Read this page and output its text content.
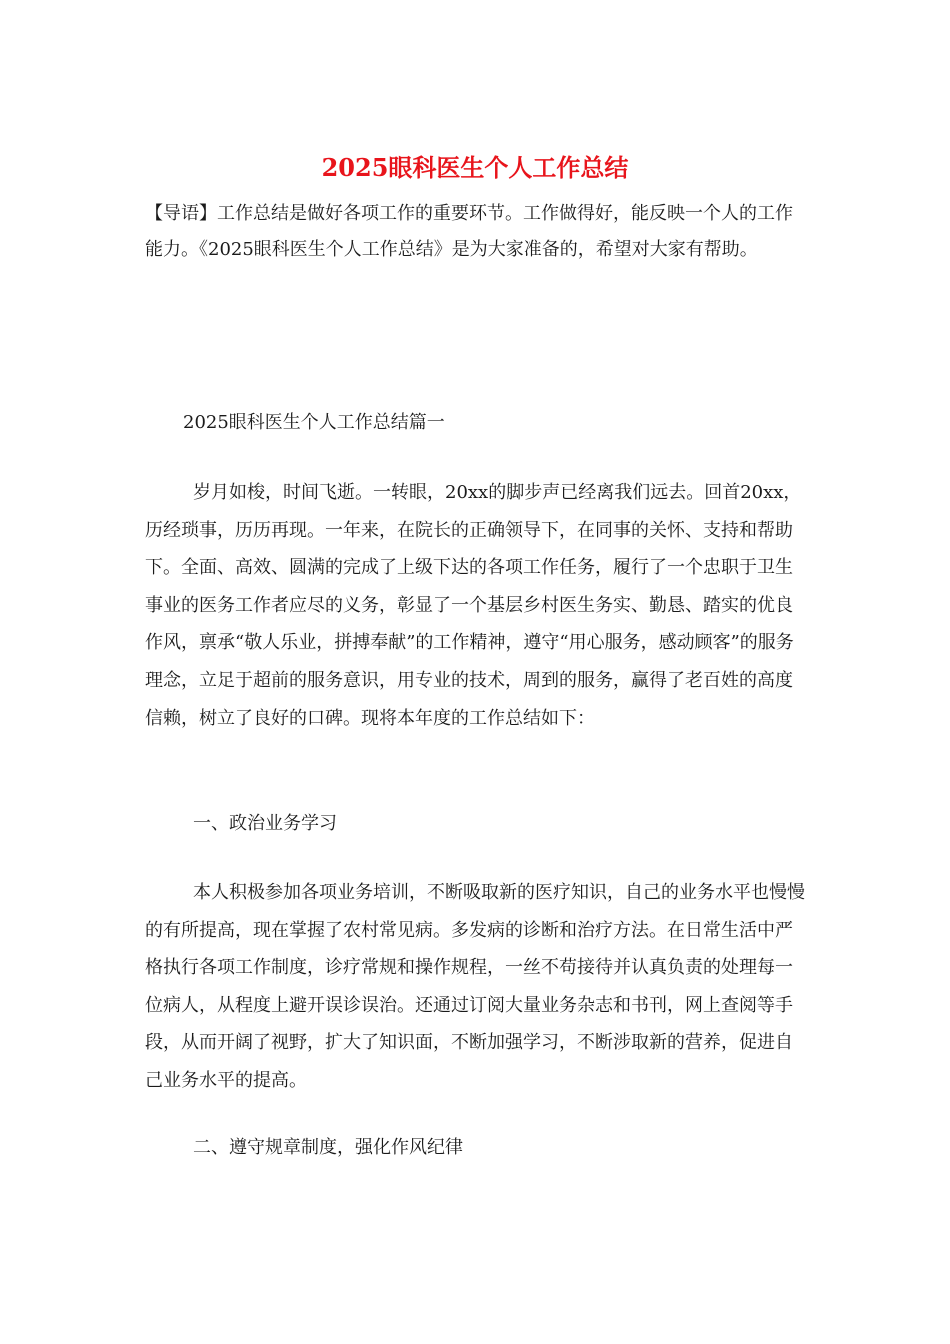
2025眼科医生个人工作总结
【导语】工作总结是做好各项工作的重要环节。工作做得好，能反映一个人的工作能力。《2025眼科医生个人工作总结》是为大家准备的，希望对大家有帮助。
2025眼科医生个人工作总结篇一
岁月如梭，时间飞逝。一转眼，20xx的脚步声已经离我们远去。回首20xx，历经琐事，历历再现。一年来，在院长的正确领导下，在同事的关怀、支持和帮助下。全面、高效、圆满的完成了上级下达的各项工作任务，履行了一个忠职于卫生事业的医务工作者应尽的义务，彰显了一个基层乡村医生务实、勤恳、踏实的优良作风，禀承“敬人乐业，拼搏奉献”的工作精神，遵守“用心服务，感动顾客”的服务理念，立足于超前的服务意识，用专业的技术，周到的服务，赢得了老百姓的高度信赖，树立了良好的口碑。现将本年度的工作总结如下：
一、政治业务学习
本人积极参加各项业务培训，不断吸取新的医疗知识，自己的业务水平也慢慢的有所提高，现在掌握了农村常见病。多发病的诊断和治疗方法。在日常生活中严格执行各项工作制度，诊疗常规和操作规程，一丝不苟接待并认真负责的处理每一位病人，从程度上避开误诊误治。还通过订阅大量业务杂志和书刊，网上查阅等手段，从而开阔了视野，扩大了知识面，不断加强学习，不断涉取新的营养，促进自己业务水平的提高。
二、遵守规章制度，强化作风纪律
